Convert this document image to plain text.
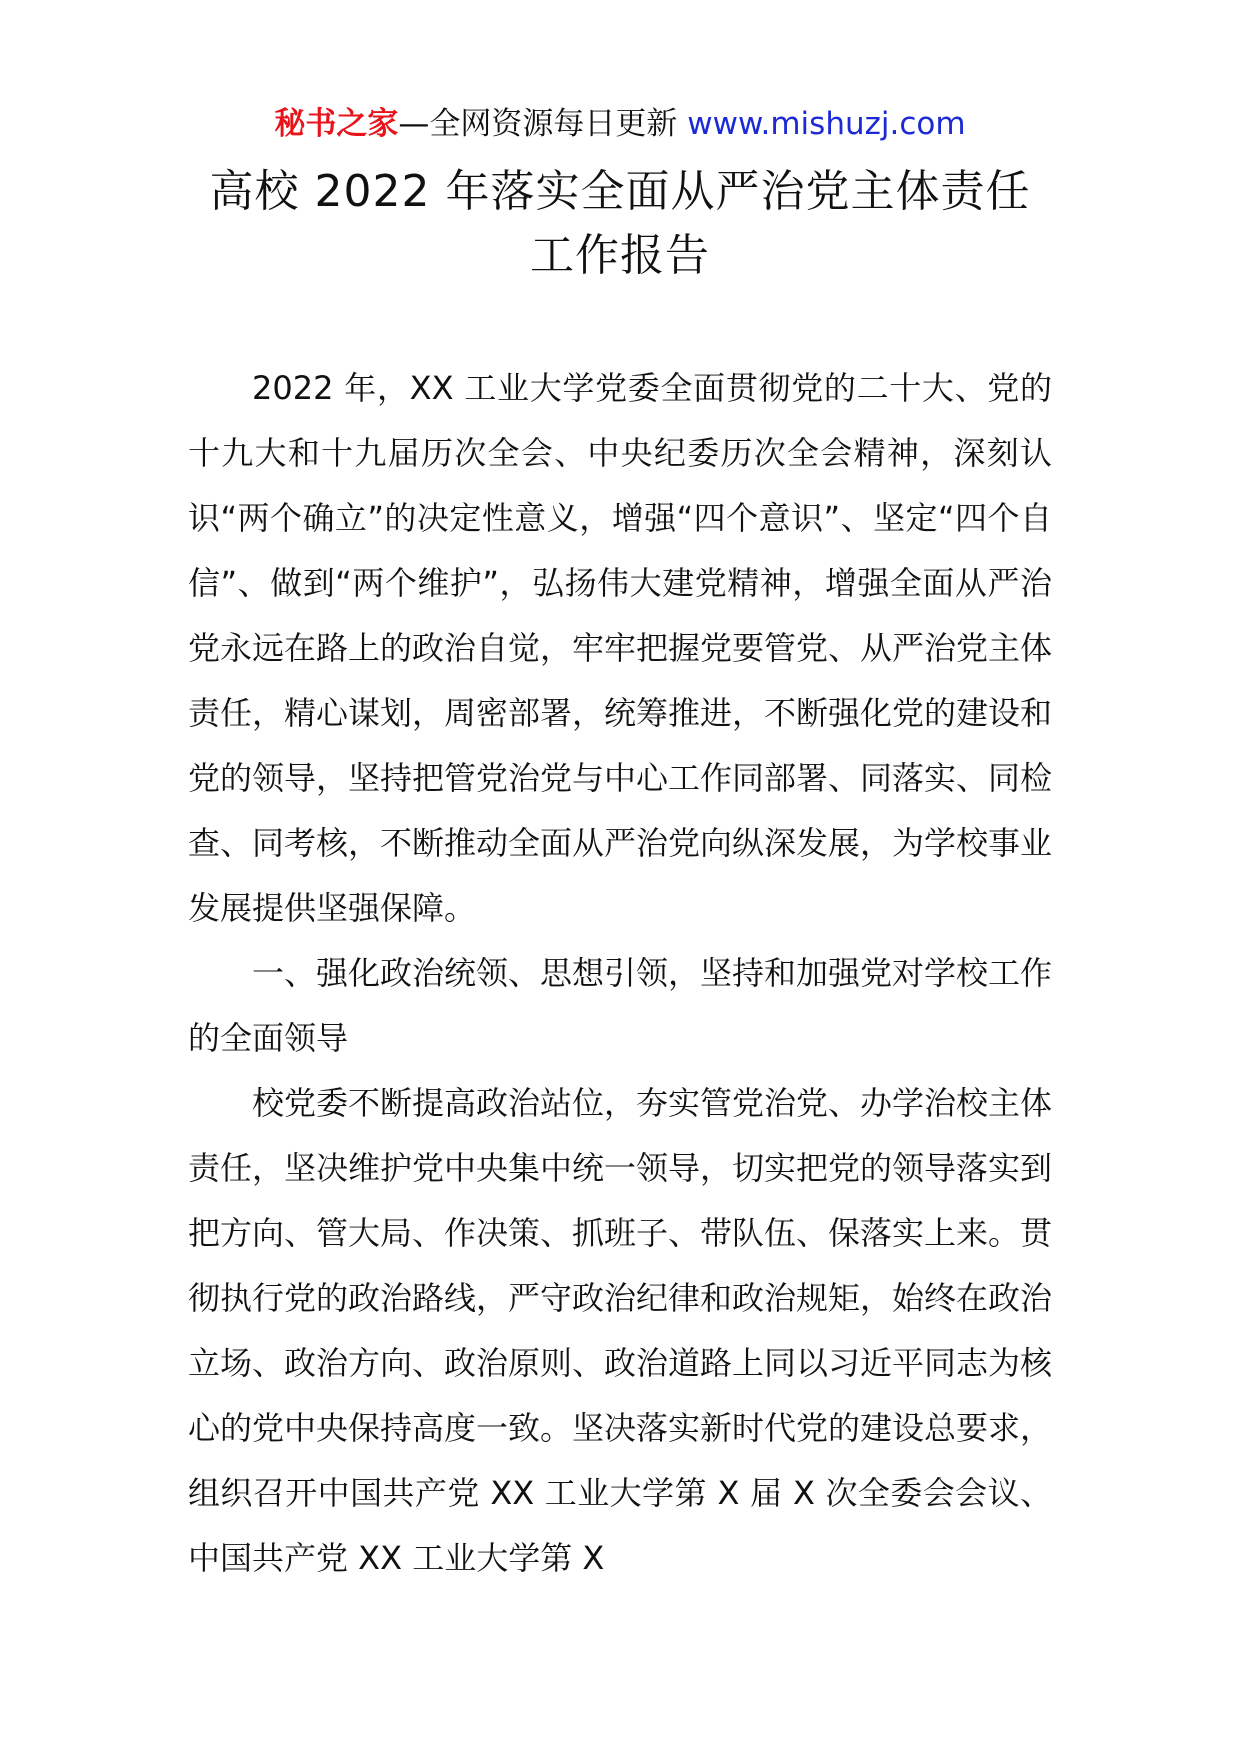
秘书之家—全网资源每日更新 www.mishuzj.com
高校 2022 年落实全面从严治党主体责任
工作报告

2022 年，XX 工业大学党委全面贯彻党的二十大、党的十九大和十九届历次全会、中央纪委历次全会精神，深刻认识“两个确立”的决定性意义，增强“四个意识”、坚定“四个自信”、做到“两个维护”，弘扬伟大建党精神，增强全面从严治党永远在路上的政治自觉，牢牢把握党要管党、从严治党主体责任，精心谋划，周密部署，统筹推进，不断强化党的建设和党的领导，坚持把管党治党与中心工作同部署、同落实、同检查、同考核，不断推动全面从严治党向纵深发展，为学校事业发展提供坚强保障。

一、强化政治统领、思想引领，坚持和加强党对学校工作的全面领导

校党委不断提高政治站位，夯实管党治党、办学治校主体责任，坚决维护党中央集中统一领导，切实把党的领导落实到把方向、管大局、作决策、抓班子、带队伍、保落实上来。贯彻执行党的政治路线，严守政治纪律和政治规矩，始终在政治立场、政治方向、政治原则、政治道路上同以习近平同志为核心的党中央保持高度一致。坚决落实新时代党的建设总要求，组织召开中国共产党 XX 工业大学第 X 届 X 次全委会会议、中国共产党 XX 工业大学第 X
